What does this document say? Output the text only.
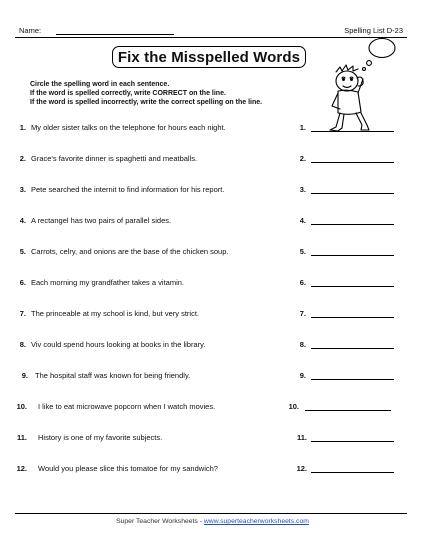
Name:	Spelling List D-23
Fix the Misspelled Words
Circle the spelling word in each sentence.
If the word is spelled correctly, write CORRECT on the line.
If the word is spelled incorrectly, write the correct spelling on the line.
1. My older sister talks on the telephone for hours each night.	1.
2. Grace's favorite dinner is spaghetti and meatballs.	2.
3. Pete searched the internit to find information for his report.	3.
4. A rectangel has two pairs of parallel sides.	4.
5. Carrots, celry, and onions are the base of the chicken soup.	5.
6. Each morning my grandfather takes a vitamin.	6.
7. The princeable at my school is kind, but very strict.	7.
8. Viv could spend hours looking at books in the library.	8.
9. The hospital staff was known for being friendly.	9.
10. I like to eat microwave popcorn when I watch movies.	10.
11. History is one of my favorite subjects.	11.
12. Would you please slice this tomatoe for my sandwich?	12.
Super Teacher Worksheets - www.superteacherworksheets.com
